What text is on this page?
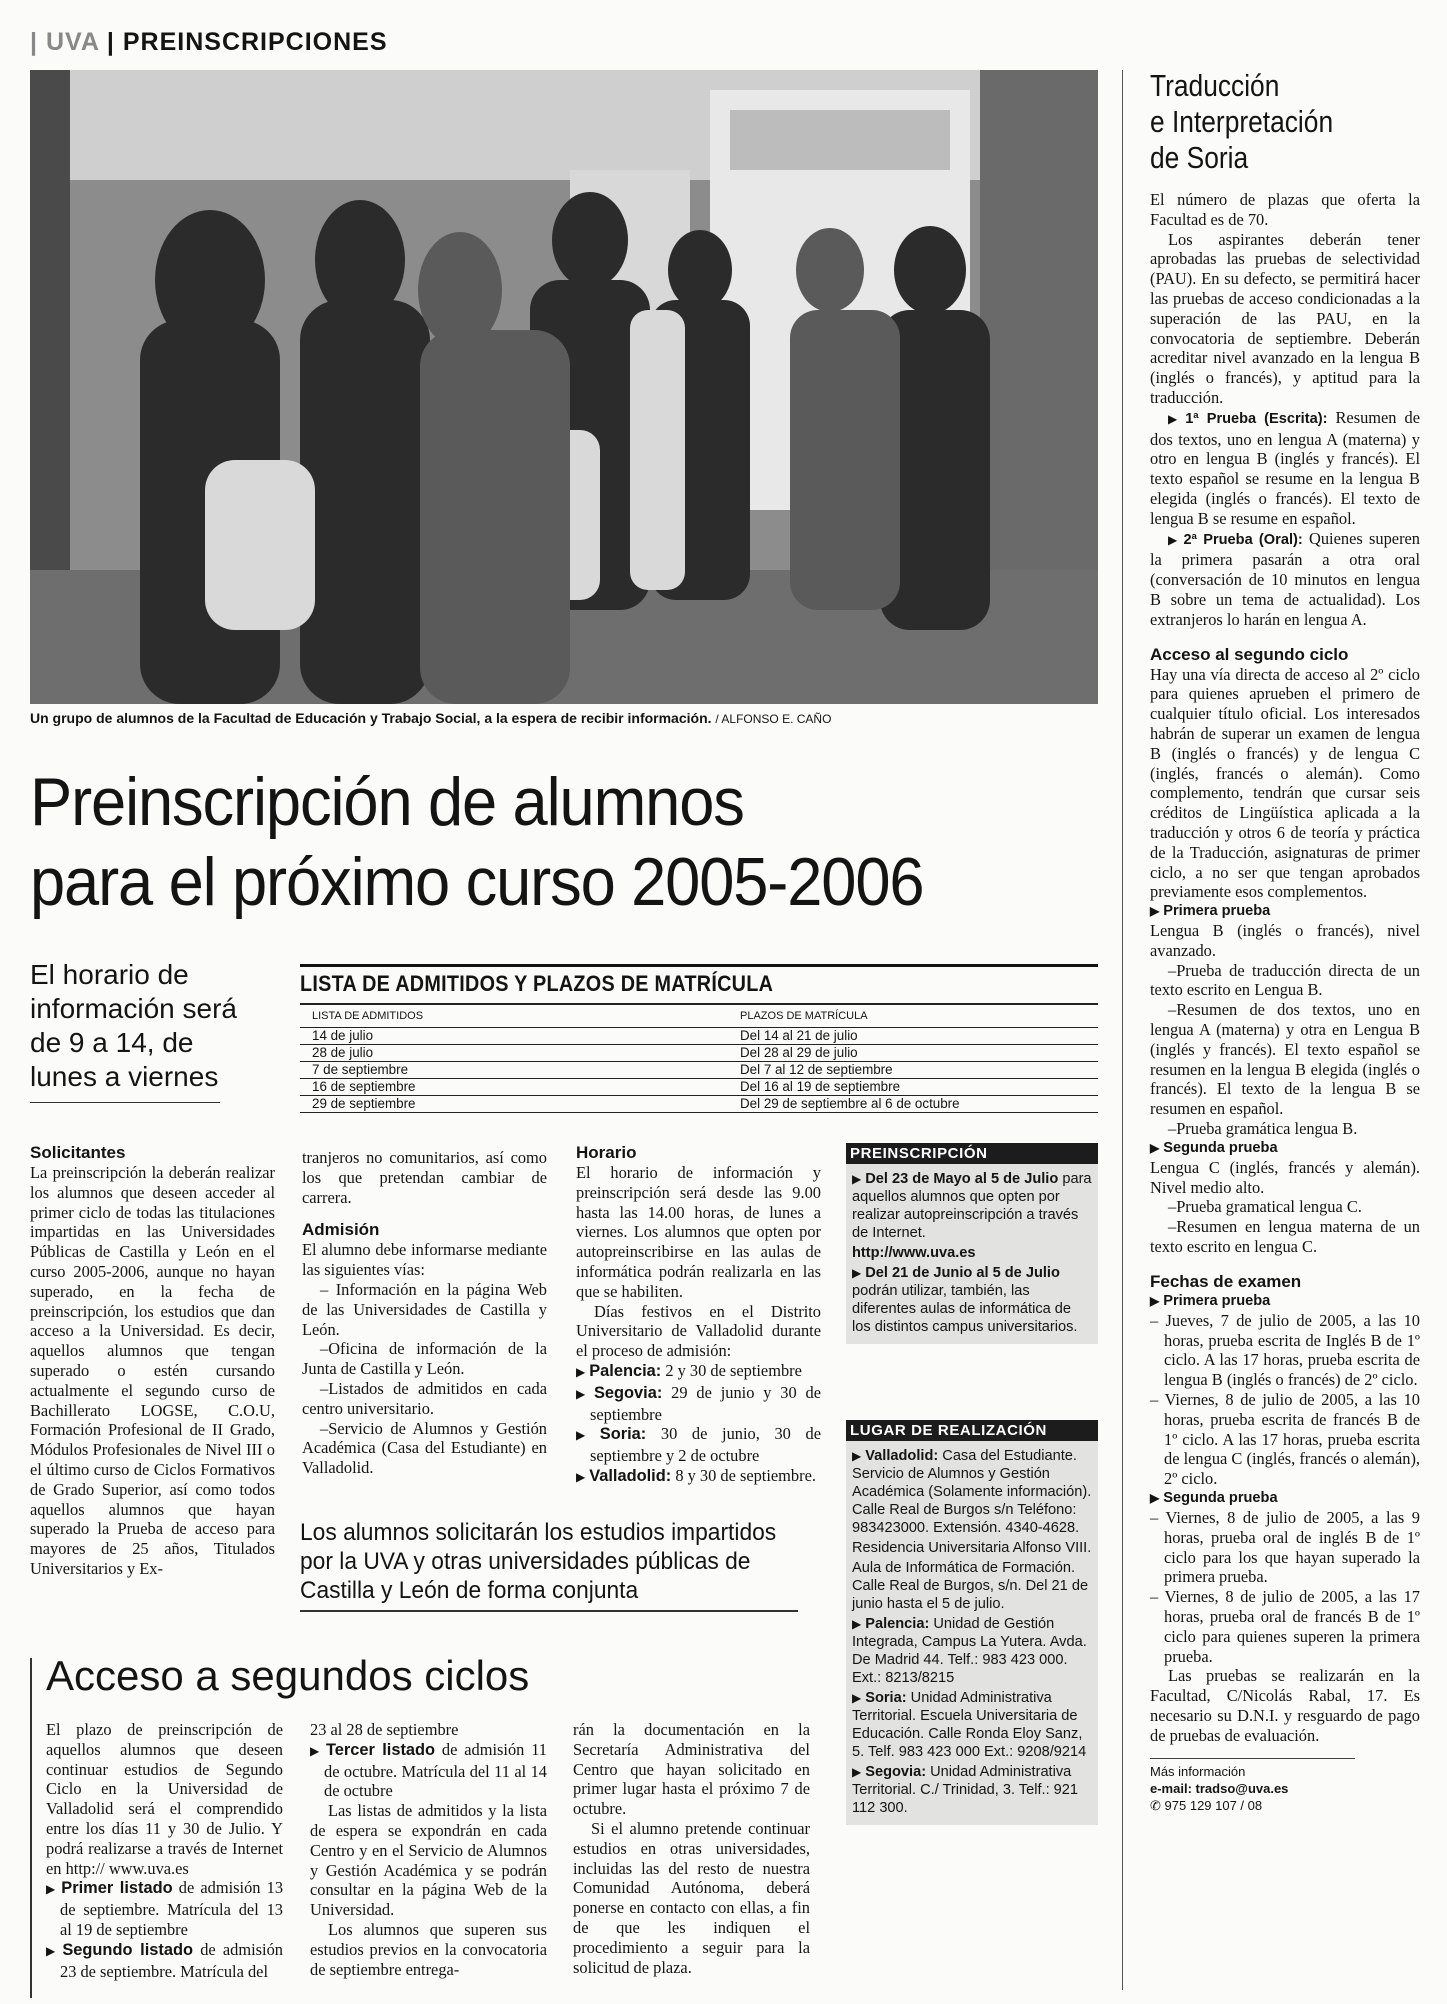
| UVA | PREINSCRIPCIONES
Un grupo de alumnos de la Facultad de Educación y Trabajo Social, a la espera de recibir información. / ALFONSO E. CAÑO
Preinscripción de alumnos
para el próximo curso 2005-2006
El horario de información será de 9 a 14, de lunes a viernes
LISTA DE ADMITIDOS Y PLAZOS DE MATRÍCULA
LISTA DE ADMITIDOS	PLAZOS DE MATRÍCULA
14 de julio	Del 14 al 21 de julio
28 de julio	Del 28 al 29 de julio
7 de septiembre	Del 7 al 12 de septiembre
16 de septiembre	Del 16 al 19 de septiembre
29 de septiembre	Del 29 de septiembre al 6 de octubre
Solicitantes

La preinscripción la deberán realizar los alumnos que deseen acceder al primer ciclo de todas las titulaciones impartidas en las Universidades Públicas de Castilla y León en el curso 2005-2006, aunque no hayan superado, en la fecha de preinscripción, los estudios que dan acceso a la Universidad. Es decir, aquellos alumnos que tengan superado o estén cursando actualmente el segundo curso de Bachillerato LOGSE, C.O.U, Formación Profesional de II Grado, Módulos Profesionales de Nivel III o el último curso de Ciclos Formativos de Grado Superior, así como todos aquellos alumnos que hayan superado la Prueba de acceso para mayores de 25 años, Titulados Universitarios y Ex-

tranjeros no comunitarios, así como los que pretendan cambiar de carrera.

Admisión

El alumno debe informarse mediante las siguientes vías:

– Información en la página Web de las Universidades de Castilla y León.

–Oficina de información de la Junta de Castilla y León.

–Listados de admitidos en cada centro universitario.

–Servicio de Alumnos y Gestión Académica (Casa del Estudiante) en Valladolid.

Horario

El horario de información y preinscripción será desde las 9.00 hasta las 14.00 horas, de lunes a viernes. Los alumnos que opten por autopreinscribirse en las aulas de informática podrán realizarla en las que se habiliten.

Días festivos en el Distrito Universitario de Valladolid durante el proceso de admisión:

▶ Palencia: 2 y 30 de septiembre

▶ Segovia: 29 de junio y 30 de septiembre

▶ Soria: 30 de junio, 30 de septiembre y 2 de octubre

▶ Valladolid: 8 y 30 de septiembre.

PREINSCRIPCIÓN

▶ Del 23 de Mayo al 5 de Julio para aquellos alumnos que opten por realizar autopreinscripción a través de Internet.

http://www.uva.es

▶ Del 21 de Junio al 5 de Julio podrán utilizar, también, las diferentes aulas de informática de los distintos campus universitarios.

LUGAR DE REALIZACIÓN

▶ Valladolid: Casa del Estudiante. Servicio de Alumnos y Gestión Académica (Solamente información). Calle Real de Burgos s/n Teléfono: 983423000. Extensión. 4340-4628.

Residencia Universitaria Alfonso VIII.

Aula de Informática de Formación. Calle Real de Burgos, s/n. Del 21 de junio hasta el 5 de julio.

▶ Palencia: Unidad de Gestión Integrada, Campus La Yutera. Avda. De Madrid 44. Telf.: 983 423 000. Ext.: 8213/8215

▶ Soria: Unidad Administrativa Territorial. Escuela Universitaria de Educación. Calle Ronda Eloy Sanz, 5. Telf. 983 423 000 Ext.: 9208/9214

▶ Segovia: Unidad Administrativa Territorial. C./ Trinidad, 3. Telf.: 921 112 300.

Los alumnos solicitarán los estudios impartidos por la UVA y otras universidades públicas de Castilla y León de forma conjunta
Acceso a segundos ciclos

El plazo de preinscripción de aquellos alumnos que deseen continuar estudios de Segundo Ciclo en la Universidad de Valladolid será el comprendido entre los días 11 y 30 de Julio. Y podrá realizarse a través de Internet en http:// www.uva.es

▶ Primer listado de admisión 13 de septiembre. Matrícula del 13 al 19 de septiembre

▶ Segundo listado de admisión 23 de septiembre. Matrícula del

23 al 28 de septiembre

▶ Tercer listado de admisión 11 de octubre. Matrícula del 11 al 14 de octubre

Las listas de admitidos y la lista de espera se expondrán en cada Centro y en el Servicio de Alumnos y Gestión Académica y se podrán consultar en la página Web de la Universidad.

Los alumnos que superen sus estudios previos en la convocatoria de septiembre entrega-

rán la documentación en la Secretaría Administrativa del Centro que hayan solicitado en primer lugar hasta el próximo 7 de octubre.

Si el alumno pretende continuar estudios en otras universidades, incluidas las del resto de nuestra Comunidad Autónoma, deberá ponerse en contacto con ellas, a fin de que les indiquen el procedimiento a seguir para la solicitud de plaza.

Traducción
e Interpretación
de Soria

El número de plazas que oferta la Facultad es de 70.

Los aspirantes deberán tener aprobadas las pruebas de selectividad (PAU). En su defecto, se permitirá hacer las pruebas de acceso condicionadas a la superación de las PAU, en la convocatoria de septiembre. Deberán acreditar nivel avanzado en la lengua B (inglés o francés), y aptitud para la traducción.

▶ 1ª Prueba (Escrita): Resumen de dos textos, uno en lengua A (materna) y otro en lengua B (inglés y francés). El texto español se resume en la lengua B elegida (inglés o francés). El texto de lengua B se resume en español.

▶ 2ª Prueba (Oral): Quienes superen la primera pasarán a otra oral (conversación de 10 minutos en lengua B sobre un tema de actualidad). Los extranjeros lo harán en lengua A.

Acceso al segundo ciclo

Hay una vía directa de acceso al 2º ciclo para quienes aprueben el primero de cualquier título oficial. Los interesados habrán de superar un examen de lengua B (inglés o francés) y de lengua C (inglés, francés o alemán). Como complemento, tendrán que cursar seis créditos de Lingüística aplicada a la traducción y otros 6 de teoría y práctica de la Traducción, asignaturas de primer ciclo, a no ser que tengan aprobados previamente esos complementos.

▶ Primera prueba

Lengua B (inglés o francés), nivel avanzado.

–Prueba de traducción directa de un texto escrito en Lengua B.

–Resumen de dos textos, uno en lengua A (materna) y otra en Lengua B (inglés y francés). El texto español se resumen en la lengua B elegida (inglés o francés). El texto de la lengua B se resumen en español.

–Prueba gramática lengua B.

▶ Segunda prueba

Lengua C (inglés, francés y alemán). Nivel medio alto.

–Prueba gramatical lengua C.

–Resumen en lengua materna de un texto escrito en lengua C.

Fechas de examen
▶ Primera prueba

– Jueves, 7 de julio de 2005, a las 10 horas, prueba escrita de Inglés B de 1º ciclo. A las 17 horas, prueba escrita de lengua B (inglés o francés) de 2º ciclo.

– Viernes, 8 de julio de 2005, a las 10 horas, prueba escrita de francés B de 1º ciclo. A las 17 horas, prueba escrita de lengua C (inglés, francés o alemán), 2º ciclo.

▶ Segunda prueba

– Viernes, 8 de julio de 2005, a las 9 horas, prueba oral de inglés B de 1º ciclo para los que hayan superado la primera prueba.

– Viernes, 8 de julio de 2005, a las 17 horas, prueba oral de francés B de 1º ciclo para quienes superen la primera prueba.

Las pruebas se realizarán en la Facultad, C/Nicolás Rabal, 17. Es necesario su D.N.I. y resguardo de pago de pruebas de evaluación.

Más información
e-mail: tradso@uva.es
✆ 975 129 107 / 08
